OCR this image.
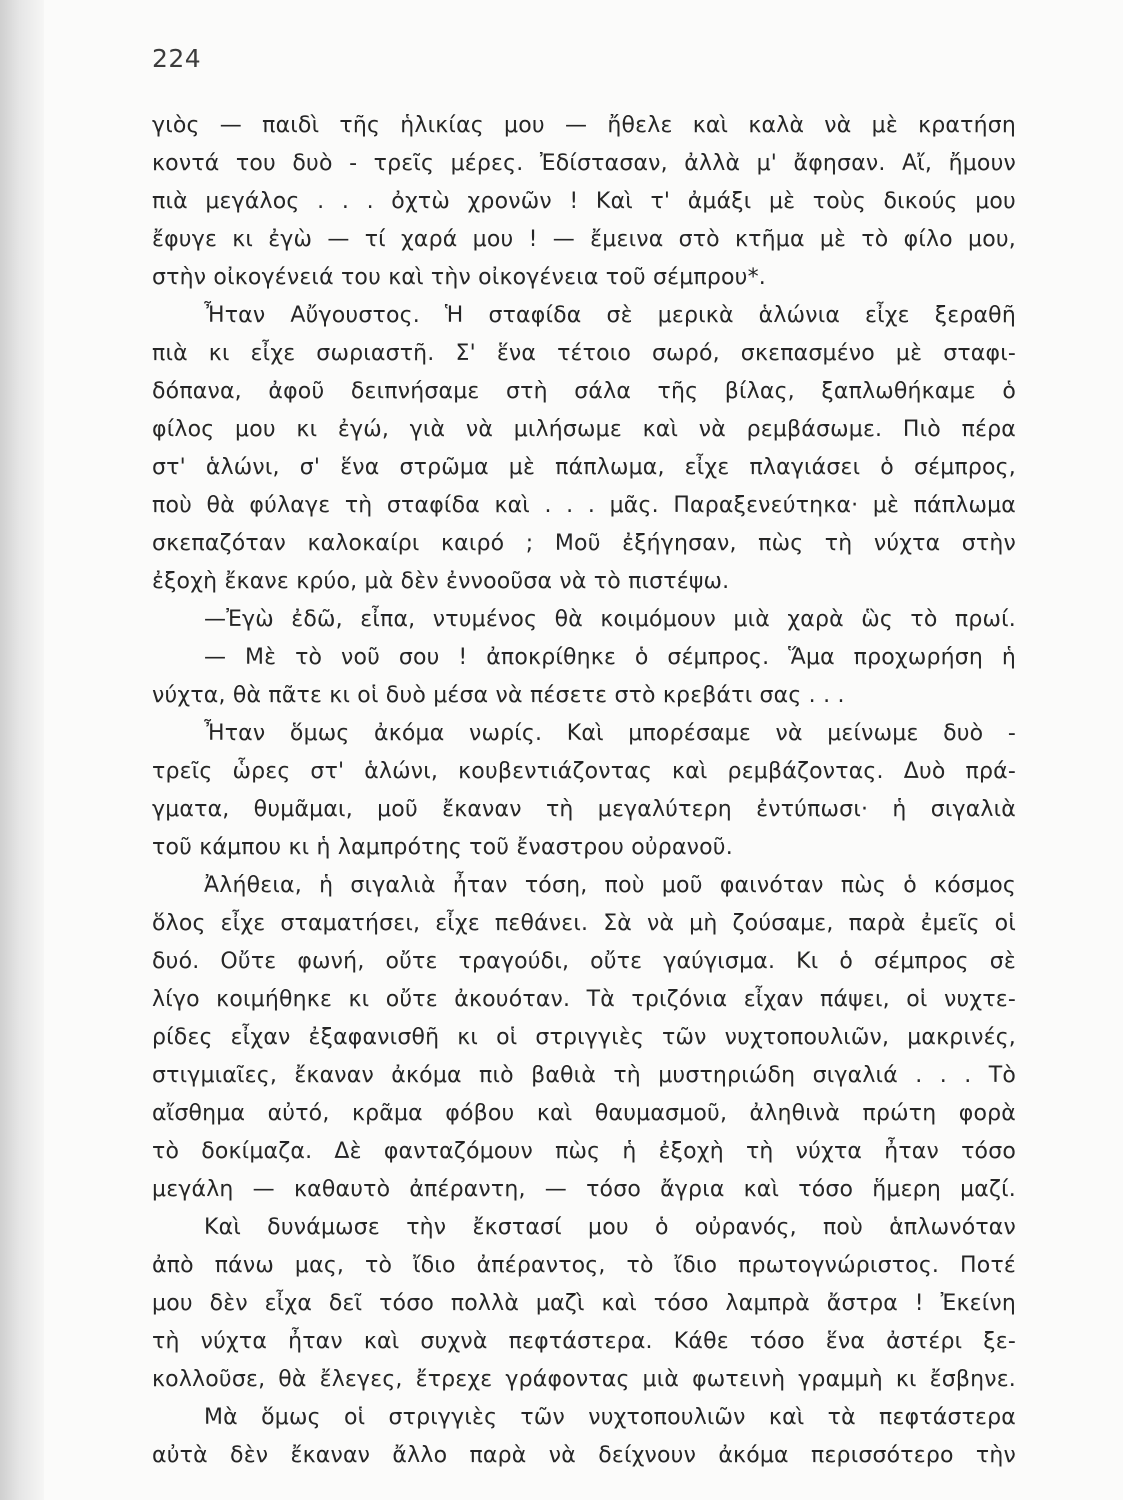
224
γιὸς — παιδὶ τῆς ἡλικίας μου — ἤθελε καὶ καλὰ νὰ μὲ κρατήση
κοντά του δυὸ - τρεῖς μέρες. Ἐδίστασαν, ἀλλὰ μ' ἄφησαν. Αἴ, ἤμουν
πιὰ μεγάλος . . . ὀχτὼ χρονῶν ! Καὶ τ' ἀμάξι μὲ τοὺς δικούς μου
ἔφυγε κι ἐγὼ — τί χαρά μου ! — ἔμεινα στὸ κτῆμα μὲ τὸ φίλο μου,
στὴν οἰκογένειά του καὶ τὴν οἰκογένεια τοῦ σέμπρου*.
Ἦταν Αὔγουστος. Ἡ σταφίδα σὲ μερικὰ ἁλώνια εἶχε ξεραθῆ
πιὰ κι εἶχε σωριαστῆ. Σ' ἕνα τέτοιο σωρό, σκεπασμένο μὲ σταφι-
δόπανα, ἀφοῦ δειπνήσαμε στὴ σάλα τῆς βίλας, ξαπλωθήκαμε ὁ
φίλος μου κι ἐγώ, γιὰ νὰ μιλήσωμε καὶ νὰ ρεμβάσωμε. Πιὸ πέρα
στ' ἁλώνι, σ' ἕνα στρῶμα μὲ πάπλωμα, εἶχε πλαγιάσει ὁ σέμπρος,
ποὺ θὰ φύλαγε τὴ σταφίδα καὶ . . . μᾶς. Παραξενεύτηκα· μὲ πάπλωμα
σκεπαζόταν καλοκαίρι καιρό ; Μοῦ ἐξήγησαν, πὼς τὴ νύχτα στὴν
ἐξοχὴ ἔκανε κρύο, μὰ δὲν ἐννοοῦσα νὰ τὸ πιστέψω.
—Ἐγὼ ἐδῶ, εἶπα, ντυμένος θὰ κοιμόμουν μιὰ χαρὰ ὣς τὸ πρωί.
— Μὲ τὸ νοῦ σου ! ἀποκρίθηκε ὁ σέμπρος. Ἅμα προχωρήση ἡ
νύχτα, θὰ πᾶτε κι οἱ δυὸ μέσα νὰ πέσετε στὸ κρεβάτι σας . . .
Ἦταν ὅμως ἀκόμα νωρίς. Καὶ μπορέσαμε νὰ μείνωμε δυὸ -
τρεῖς ὧρες στ' ἁλώνι, κουβεντιάζοντας καὶ ρεμβάζοντας. Δυὸ πρά-
γματα, θυμᾶμαι, μοῦ ἔκαναν τὴ μεγαλύτερη ἐντύπωσι· ἡ σιγαλιὰ
τοῦ κάμπου κι ἡ λαμπρότης τοῦ ἔναστρου οὐρανοῦ.
Ἀλήθεια, ἡ σιγαλιὰ ἦταν τόση, ποὺ μοῦ φαινόταν πὼς ὁ κόσμος
ὅλος εἶχε σταματήσει, εἶχε πεθάνει. Σὰ νὰ μὴ ζούσαμε, παρὰ ἐμεῖς οἱ
δυό. Οὔτε φωνή, οὔτε τραγούδι, οὔτε γαύγισμα. Κι ὁ σέμπρος σὲ
λίγο κοιμήθηκε κι οὔτε ἀκουόταν. Τὰ τριζόνια εἶχαν πάψει, οἱ νυχτε-
ρίδες εἶχαν ἐξαφανισθῆ κι οἱ στριγγιὲς τῶν νυχτοπουλιῶν, μακρινές,
στιγμιαῖες, ἔκαναν ἀκόμα πιὸ βαθιὰ τὴ μυστηριώδη σιγαλιά . . . Τὸ
αἴσθημα αὐτό, κρᾶμα φόβου καὶ θαυμασμοῦ, ἀληθινὰ πρώτη φορὰ
τὸ δοκίμαζα. Δὲ φανταζόμουν πὼς ἡ ἐξοχὴ τὴ νύχτα ἦταν τόσο
μεγάλη — καθαυτὸ ἀπέραντη, — τόσο ἄγρια καὶ τόσο ἥμερη μαζί.
Καὶ δυνάμωσε τὴν ἔκστασί μου ὁ οὐρανός, ποὺ ἁπλωνόταν
ἀπὸ πάνω μας, τὸ ἴδιο ἀπέραντος, τὸ ἴδιο πρωτογνώριστος. Ποτέ
μου δὲν εἶχα δεῖ τόσο πολλὰ μαζὶ καὶ τόσο λαμπρὰ ἄστρα ! Ἐκείνη
τὴ νύχτα ἦταν καὶ συχνὰ πεφτάστερα. Κάθε τόσο ἕνα ἀστέρι ξε-
κολλοῦσε, θὰ ἔλεγες, ἔτρεχε γράφοντας μιὰ φωτεινὴ γραμμὴ κι ἔσβηνε.
Μὰ ὅμως οἱ στριγγιὲς τῶν νυχτοπουλιῶν καὶ τὰ πεφτάστερα
αὐτὰ δὲν ἔκαναν ἄλλο παρὰ νὰ δείχνουν ἀκόμα περισσότερο τὴν
